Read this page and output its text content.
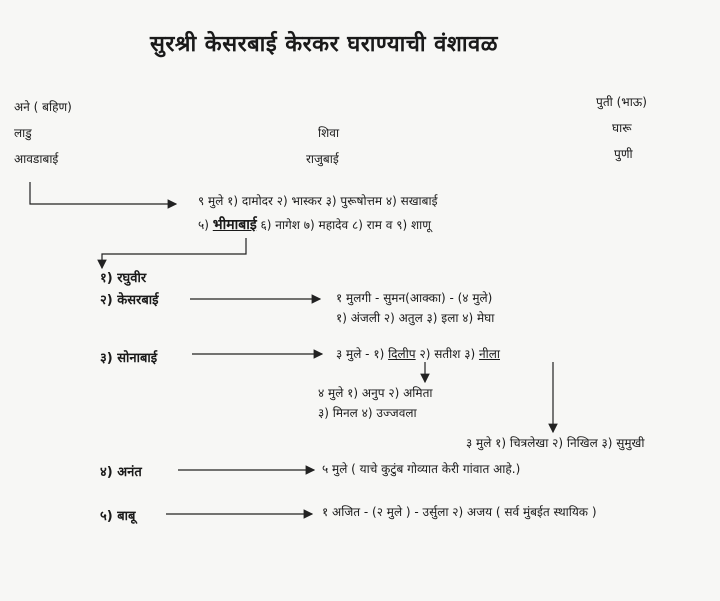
सुरश्री केसरबाई केरकर घराण्याची वंशावळ
अने ( बहिण)
लाडु
आवडाबाई
शिवा
राजुबाई
पुती (भाऊ)
घारू
पुणी
९ मुले १) दामोदर २) भास्कर ३) पुरूषोत्तम ४) सखाबाई
५) भीमाबाई ६) नागेश ७) महादेव ८) राम व ९) शाणू
१) रघुवीर
२) केसरबाई
३) सोनाबाई
४) अनंत
५) बाबू
१ मुलगी - सुमन(आक्का) - (४ मुले)
१) अंजली २) अतुल ३) इला ४) मेघा
३ मुले - १) दिलीप २) सतीश ३) नीला
४ मुले १) अनुप २) अमिता
३) मिनल ४) उज्जवला
३ मुले १) चित्रलेखा २) निखिल ३) सुमुखी
५ मुले ( याचे कुटुंब गोव्यात केरी गांवात आहे.)
१ अजित - (२ मुले ) - उर्सुला २) अजय ( सर्व मुंबईत स्थायिक )
